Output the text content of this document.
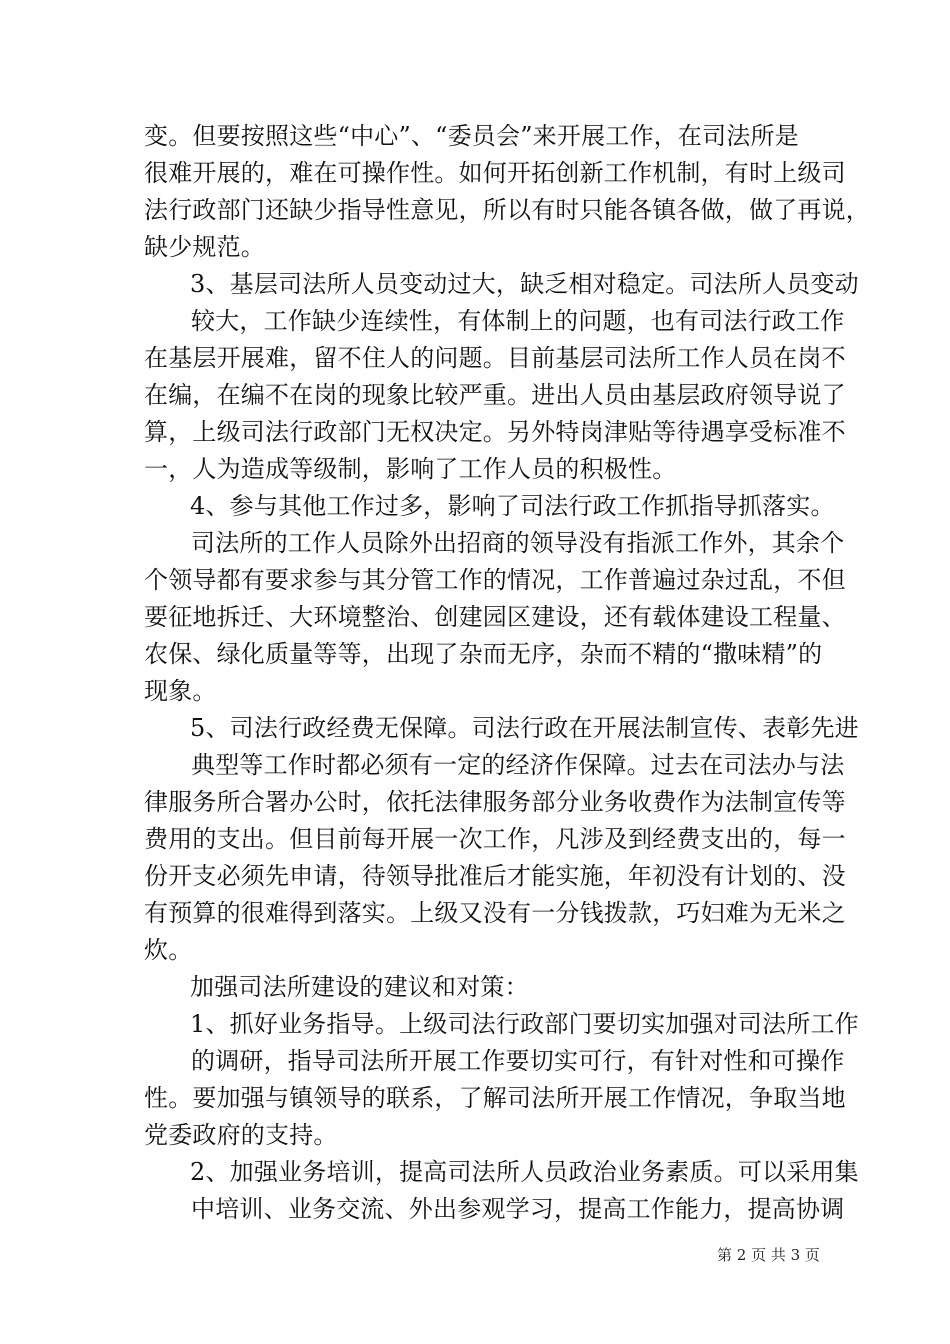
变。但要按照这些“中心”、“委员会”来开展工作，在司法所是
很难开展的，难在可操作性。如何开拓创新工作机制，有时上级司
法行政部门还缺少指导性意见，所以有时只能各镇各做，做了再说，
缺少规范。
3、基层司法所人员变动过大，缺乏相对稳定。司法所人员变动
较大，工作缺少连续性，有体制上的问题，也有司法行政工作
在基层开展难，留不住人的问题。目前基层司法所工作人员在岗不
在编，在编不在岗的现象比较严重。进出人员由基层政府领导说了
算，上级司法行政部门无权决定。另外特岗津贴等待遇享受标准不
一，人为造成等级制，影响了工作人员的积极性。
4、参与其他工作过多，影响了司法行政工作抓指导抓落实。
司法所的工作人员除外出招商的领导没有指派工作外，其余个
个领导都有要求参与其分管工作的情况，工作普遍过杂过乱，不但
要征地拆迁、大环境整治、创建园区建设，还有载体建设工程量、
农保、绿化质量等等，出现了杂而无序，杂而不精的“撒味精”的
现象。
5、司法行政经费无保障。司法行政在开展法制宣传、表彰先进
典型等工作时都必须有一定的经济作保障。过去在司法办与法
律服务所合署办公时，依托法律服务部分业务收费作为法制宣传等
费用的支出。但目前每开展一次工作，凡涉及到经费支出的，每一
份开支必须先申请，待领导批准后才能实施，年初没有计划的、没
有预算的很难得到落实。上级又没有一分钱拨款，巧妇难为无米之
炊。
加强司法所建设的建议和对策：
1、抓好业务指导。上级司法行政部门要切实加强对司法所工作
的调研，指导司法所开展工作要切实可行，有针对性和可操作
性。要加强与镇领导的联系，了解司法所开展工作情况，争取当地
党委政府的支持。
2、加强业务培训，提高司法所人员政治业务素质。可以采用集
中培训、业务交流、外出参观学习，提高工作能力，提高协调
第 2 页 共 3 页
